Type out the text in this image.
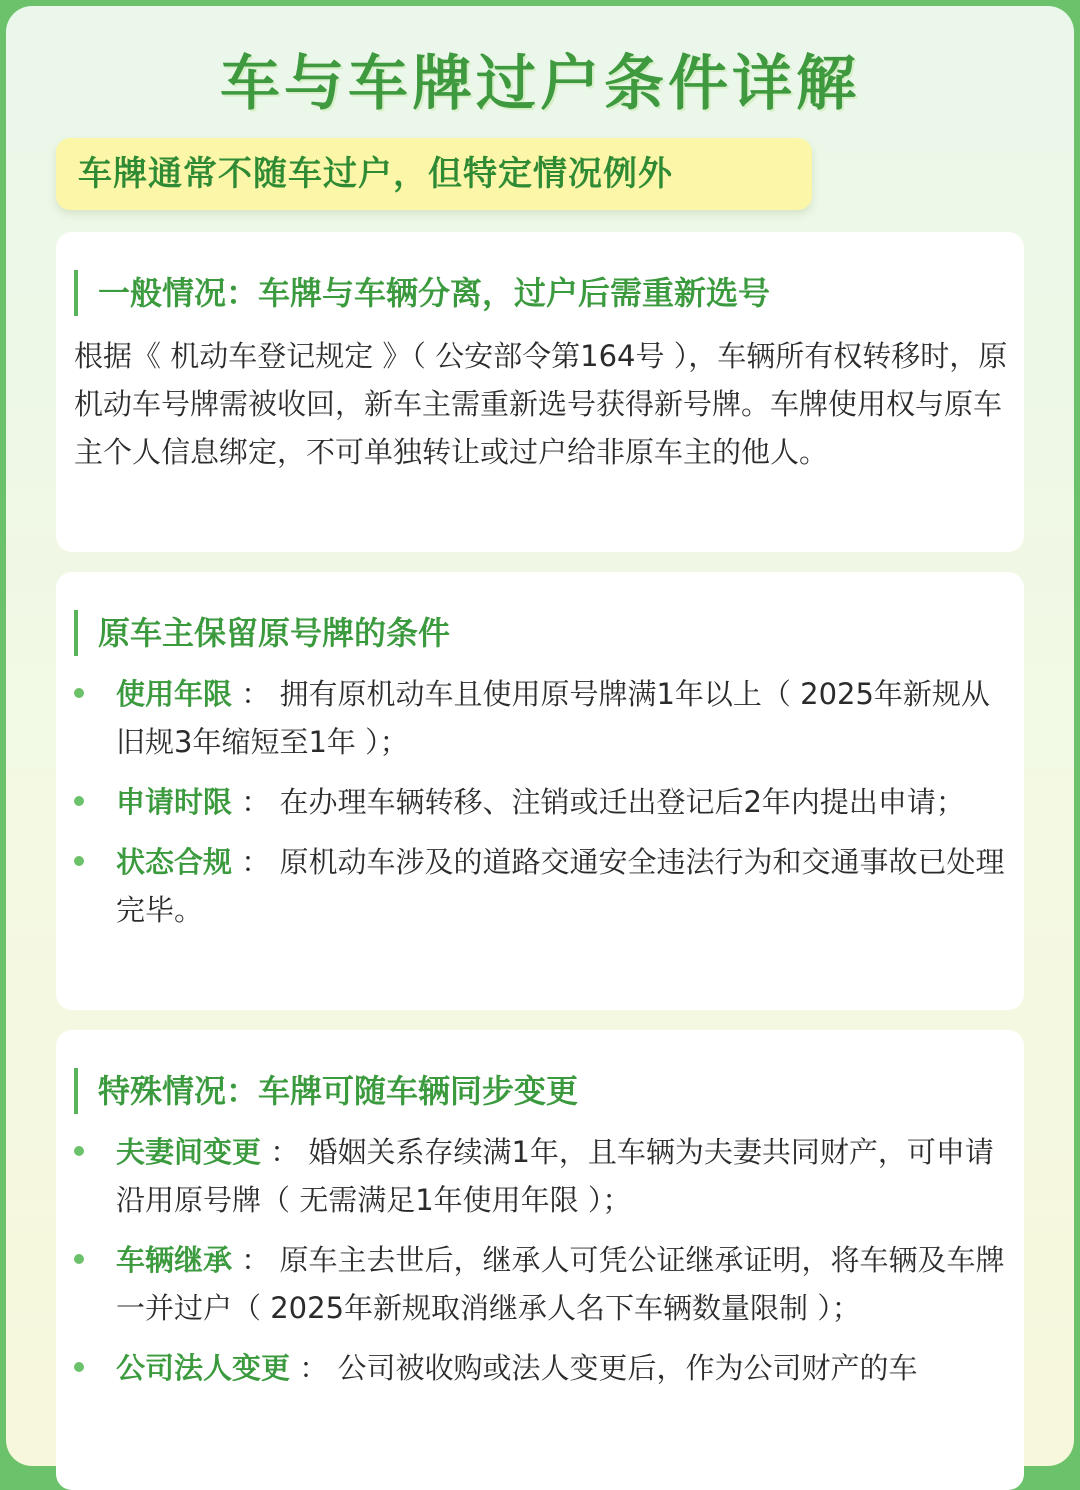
车与车牌过户条件详解
车牌通常不随车过户，但特定情况例外
一般情况：车牌与车辆分离，过户后需重新选号

根据《 机动车登记规定 》（ 公安部令第164号 ），车辆所有权转移时，原机动车号牌需被收回，新车主需重新选号获得新号牌。车牌使用权与原车主个人信息绑定，不可单独转让或过户给非原车主的他人。

原车主保留原号牌的条件
使用年限 ： 拥有原机动车且使用原号牌满1年以上（ 2025年新规从旧规3年缩短至1年 ）；
申请时限 ： 在办理车辆转移、注销或迁出登记后2年内提出申请；
状态合规 ： 原机动车涉及的道路交通安全违法行为和交通事故已处理完毕。
特殊情况：车牌可随车辆同步变更
夫妻间变更 ： 婚姻关系存续满1年，且车辆为夫妻共同财产，可申请沿用原号牌（ 无需满足1年使用年限 ）；
车辆继承 ： 原车主去世后，继承人可凭公证继承证明，将车辆及车牌一并过户（ 2025年新规取消继承人名下车辆数量限制 ）；
公司法人变更 ： 公司被收购或法人变更后，作为公司财产的车
